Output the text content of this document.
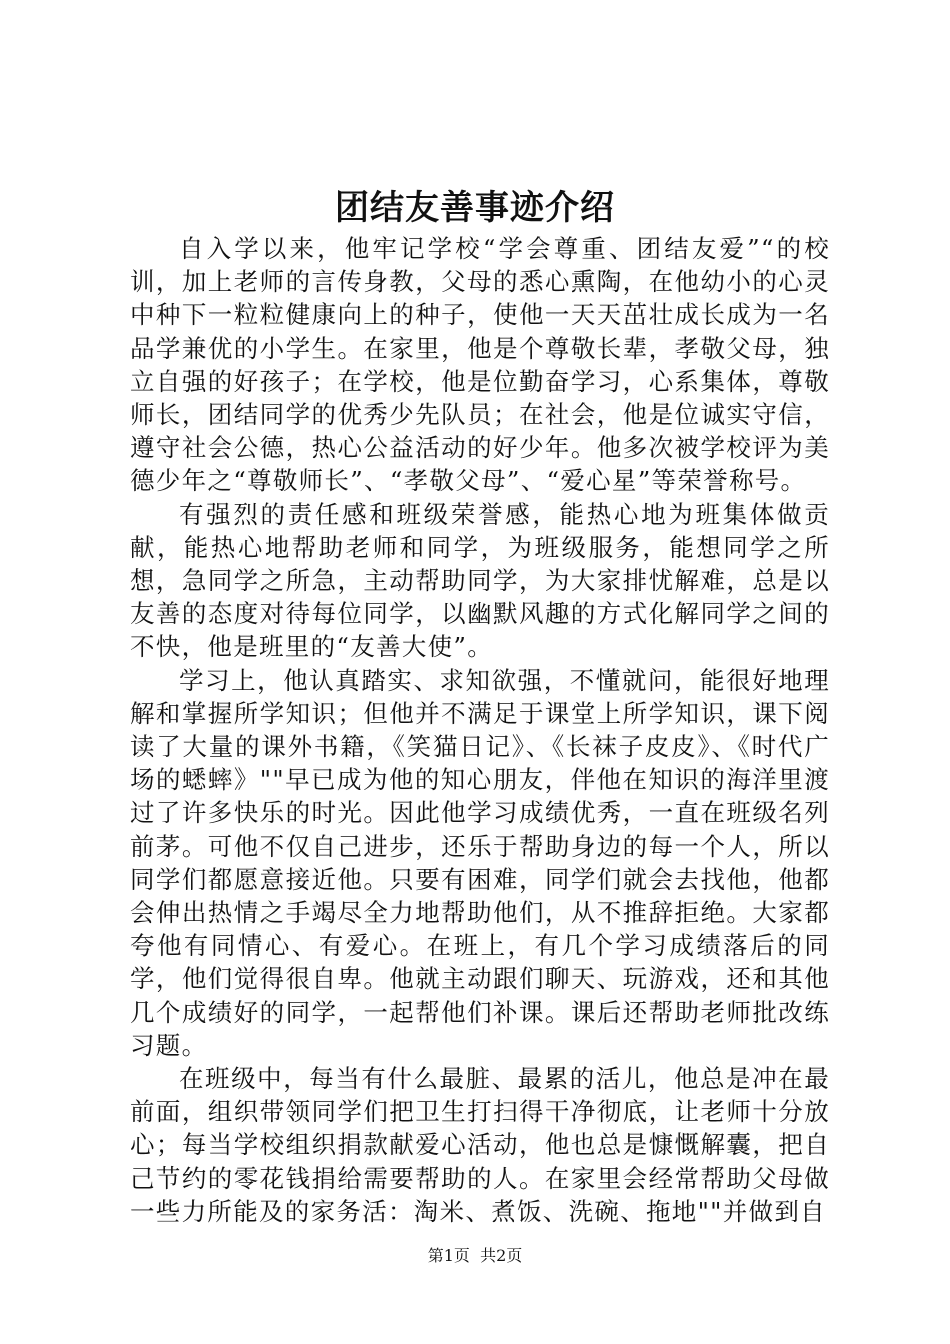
团结友善事迹介绍

自入学以来，他牢记学校“学会尊重、团结友爱”“的校训，加上老师的言传身教，父母的悉心熏陶，在他幼小的心灵中种下一粒粒健康向上的种子，使他一天天茁壮成长成为一名品学兼优的小学生。在家里，他是个尊敬长辈，孝敬父母，独立自强的好孩子；在学校，他是位勤奋学习，心系集体，尊敬师长，团结同学的优秀少先队员；在社会，他是位诚实守信，遵守社会公德，热心公益活动的好少年。他多次被学校评为美德少年之“尊敬师长”、“孝敬父母”、“爱心星”等荣誉称号。

有强烈的责任感和班级荣誉感，能热心地为班集体做贡献，能热心地帮助老师和同学，为班级服务，能想同学之所想，急同学之所急，主动帮助同学，为大家排忧解难，总是以友善的态度对待每位同学，以幽默风趣的方式化解同学之间的不快，他是班里的“友善大使”。

学习上，他认真踏实、求知欲强，不懂就问，能很好地理解和掌握所学知识；但他并不满足于课堂上所学知识，课下阅读了大量的课外书籍，《笑猫日记》、《长袜子皮皮》、《时代广场的蟋蟀》""早已成为他的知心朋友，伴他在知识的海洋里渡过了许多快乐的时光。因此他学习成绩优秀，一直在班级名列前茅。可他不仅自己进步，还乐于帮助身边的每一个人，所以同学们都愿意接近他。只要有困难，同学们就会去找他，他都会伸出热情之手竭尽全力地帮助他们，从不推辞拒绝。大家都夸他有同情心、有爱心。在班上，有几个学习成绩落后的同学，他们觉得很自卑。他就主动跟们聊天、玩游戏，还和其他几个成绩好的同学，一起帮他们补课。课后还帮助老师批改练习题。

在班级中，每当有什么最脏、最累的活儿，他总是冲在最前面，组织带领同学们把卫生打扫得干净彻底，让老师十分放心；每当学校组织捐款献爱心活动，他也总是慷慨解囊，把自己节约的零花钱捐给需要帮助的人。在家里会经常帮助父母做一些力所能及的家务活：淘米、煮饭、洗碗、拖地""并做到自

第1页 共2页
